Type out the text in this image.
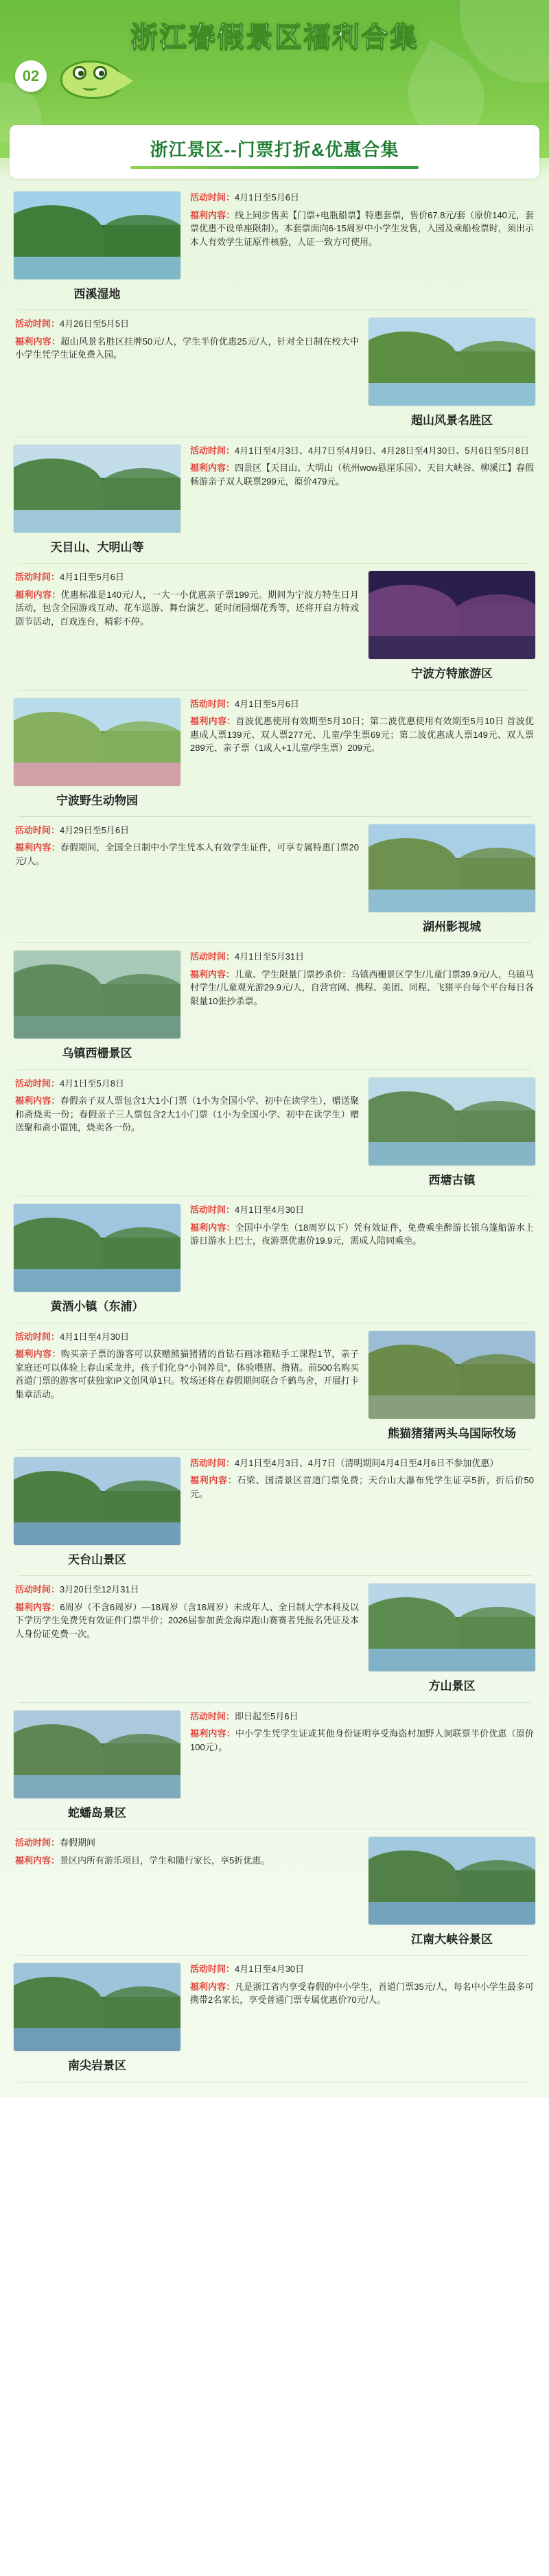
浙江春假景区福利合集
02
浙江景区--门票打折&优惠合集
西溪湿地
活动时间：4月1日至5月6日
福利内容：线上同步售卖【门票+电瓶船票】特惠套票，售价67.8元/套（原价140元，套票优惠不设单座限制）。本套票面向6-15周岁中小学生发售，入园及乘船检票时，须出示本人有效学生证原件核验，人证一致方可使用。
超山风景名胜区
活动时间：4月26日至5月5日
福利内容：超山风景名胜区挂牌50元/人，学生半价优惠25元/人，针对全日制在校大中小学生凭学生证免费入园。
天目山、大明山等
活动时间：4月1日至4月3日、4月7日至4月9日、4月28日至4月30日、5月6日至5月8日
福利内容：四景区【天目山、大明山（杭州wow悬崖乐园）、天目大峡谷、柳溪江】春假畅游亲子双人联票299元，原价479元。
宁波方特旅游区
活动时间：4月1日至5月6日
福利内容：优惠标准是140元/人，一大一小优惠亲子票199元。期间为宁波方特生日月活动，包含全园游戏互动、花车巡游、舞台演艺、延时闭园烟花秀等，还将开启方特戏剧节活动，百戏连台，精彩不停。
宁波野生动物园
活动时间：4月1日至5月6日
福利内容：首波优惠使用有效期至5月10日；第二波优惠使用有效期至5月10日 首波优惠成人票139元、双人票277元、儿童/学生票69元；第二波优惠成人票149元、双人票289元、亲子票（1成人+1儿童/学生票）209元。
湖州影视城
活动时间：4月29日至5月6日
福利内容：春假期间，全国全日制中小学生凭本人有效学生证件，可享专属特惠门票20元/人。
乌镇西栅景区
活动时间：4月1日至5月31日
福利内容：儿童、学生限量门票抄杀价：乌镇西栅景区学生/儿童门票39.9元/人，乌镇马村学生/儿童观光游29.9元/人，自营官网、携程、美团、同程、飞猪平台每个平台每日各限量10张抄杀票。
西塘古镇
活动时间：4月1日至5月8日
福利内容：春假亲子双人票包含1大1小门票（1小为全国小学、初中在读学生），赠送聚和斋烧卖一份；春假亲子三人票包含2大1小门票（1小为全国小学、初中在读学生）赠送聚和斋小馄饨，烧卖各一份。
黄酒小镇（东浦）
活动时间：4月1日至4月30日
福利内容：全国中小学生（18周岁以下）凭有效证件，免费乘坐醉游长银乌篷船游水上游日游水上巴士，夜游票优惠价19.9元，需成人陪同乘坐。
熊猫猪猪两头乌国际牧场
活动时间：4月1日至4月30日
福利内容：购买亲子票的游客可以获赠熊猫猪猪的首钻石画冰箱贴手工课程1节，亲子家庭还可以体验上春山采龙井，孩子们化身"小饲养员"，体验喂猪、撸猪。前500名购买首道门票的游客可获独家IP文创风单1只。牧场还将在春假期间联合千鹤鸟舍，开展打卡集章活动。
天台山景区
活动时间：4月1日至4月3日、4月7日（清明期间4月4日至4月6日不参加优惠）
福利内容：石梁、国清景区首道门票免费；天台山大瀑布凭学生证享5折，折后价50元。
方山景区
活动时间：3月20日至12月31日
福利内容：6周岁（不含6周岁）—18周岁（含18周岁）未成年人、全日制大学本科及以下学历学生免费凭有效证件门票半价；2026届参加黄金海岸跑山赛赛者凭报名凭证及本人身份证免费一次。
蛇蟠岛景区
活动时间：即日起至5月6日
福利内容：中小学生凭学生证或其他身份证明享受海盗村加野人洞联票半价优惠（原价100元）。
江南大峡谷景区
活动时间：春假期间
福利内容：景区内所有游乐项目，学生和随行家长，享5折优惠。
南尖岩景区
活动时间：4月1日至4月30日
福利内容：凡是浙江省内享受春假的中小学生，首道门票35元/人，每名中小学生最多可携带2名家长，享受普通门票专属优惠价70元/人。
